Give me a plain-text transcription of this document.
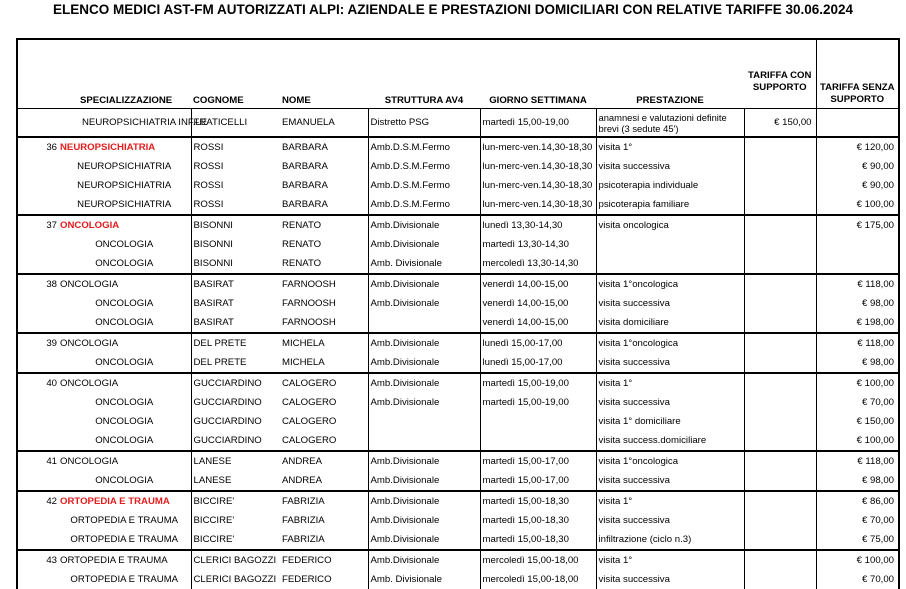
ELENCO MEDICI AST-FM AUTORIZZATI ALPI: AZIENDALE E PRESTAZIONI DOMICILIARI CON RELATIVE TARIFFE 30.06.2024
	SPECIALIZZAZIONE	COGNOME	NOME	STRUTTURA AV4	GIORNO SETTIMANA	PRESTAZIONE	TARIFFA CON SUPPORTO	TARIFFA SENZA SUPPORTO
	NEUROPSICHIATRIA INF.LE	FRATICELLI	EMANUELA	Distretto PSG	martedì 15,00-19,00	anamnesi e valutazioni definite brevi (3 sedute 45')	€ 150,00	
36	NEUROPSICHIATRIA	ROSSI	BARBARA	Amb.D.S.M.Fermo	lun-merc-ven.14,30-18,30	visita 1°		€ 120,00
	NEUROPSICHIATRIA	ROSSI	BARBARA	Amb.D.S.M.Fermo	lun-merc-ven.14,30-18,30	visita successiva		€ 90,00
	NEUROPSICHIATRIA	ROSSI	BARBARA	Amb.D.S.M.Fermo	lun-merc-ven.14,30-18,30	psicoterapia individuale		€ 90,00
	NEUROPSICHIATRIA	ROSSI	BARBARA	Amb.D.S.M.Fermo	lun-merc-ven.14,30-18,30	psicoterapia familiare		€ 100,00
37	ONCOLOGIA	BISONNI	RENATO	Amb.Divisionale	lunedì 13,30-14,30	visita oncologica		€ 175,00
	ONCOLOGIA	BISONNI	RENATO	Amb.Divisionale	martedì 13,30-14,30			
	ONCOLOGIA	BISONNI	RENATO	Amb. Divisionale	mercoledì 13,30-14,30			
38	ONCOLOGIA	BASIRAT	FARNOOSH	Amb.Divisionale	venerdì 14,00-15,00	visita 1°oncologica		€ 118,00
	ONCOLOGIA	BASIRAT	FARNOOSH	Amb.Divisionale	venerdì 14,00-15,00	visita successiva		€ 98,00
	ONCOLOGIA	BASIRAT	FARNOOSH		venerdì 14,00-15,00	visita domiciliare		€ 198,00
39	ONCOLOGIA	DEL PRETE	MICHELA	Amb.Divisionale	lunedì 15,00-17,00	visita 1°oncologica		€ 118,00
	ONCOLOGIA	DEL PRETE	MICHELA	Amb.Divisionale	lunedì 15,00-17,00	visita successiva		€ 98,00
40	ONCOLOGIA	GUCCIARDINO	CALOGERO	Amb.Divisionale	martedì 15,00-19,00	visita 1°		€ 100,00
	ONCOLOGIA	GUCCIARDINO	CALOGERO	Amb.Divisionale	martedì 15,00-19,00	visita successiva		€ 70,00
	ONCOLOGIA	GUCCIARDINO	CALOGERO			visita 1° domiciliare		€ 150,00
	ONCOLOGIA	GUCCIARDINO	CALOGERO			visita success.domiciliare		€ 100,00
41	ONCOLOGIA	LANESE	ANDREA	Amb.Divisionale	martedì 15,00-17,00	visita 1°oncologica		€ 118,00
	ONCOLOGIA	LANESE	ANDREA	Amb.Divisionale	martedì 15,00-17,00	visita successiva		€ 98,00
42	ORTOPEDIA E TRAUMA	BICCIRE'	FABRIZIA	Amb.Divisionale	martedì 15,00-18,30	visita 1°		€ 86,00
	ORTOPEDIA E TRAUMA	BICCIRE'	FABRIZIA	Amb.Divisionale	martedì 15,00-18,30	visita successiva		€ 70,00
	ORTOPEDIA E TRAUMA	BICCIRE'	FABRIZIA	Amb.Divisionale	martedì 15,00-18,30	infiltrazione (ciclo n.3)		€ 75,00
43	ORTOPEDIA E TRAUMA	CLERICI BAGOZZI	FEDERICO	Amb.Divisionale	mercoledì 15,00-18,00	visita 1°		€ 100,00
	ORTOPEDIA E TRAUMA	CLERICI BAGOZZI	FEDERICO	Amb. Divisionale	mercoledì 15,00-18,00	visita successiva		€ 70,00
